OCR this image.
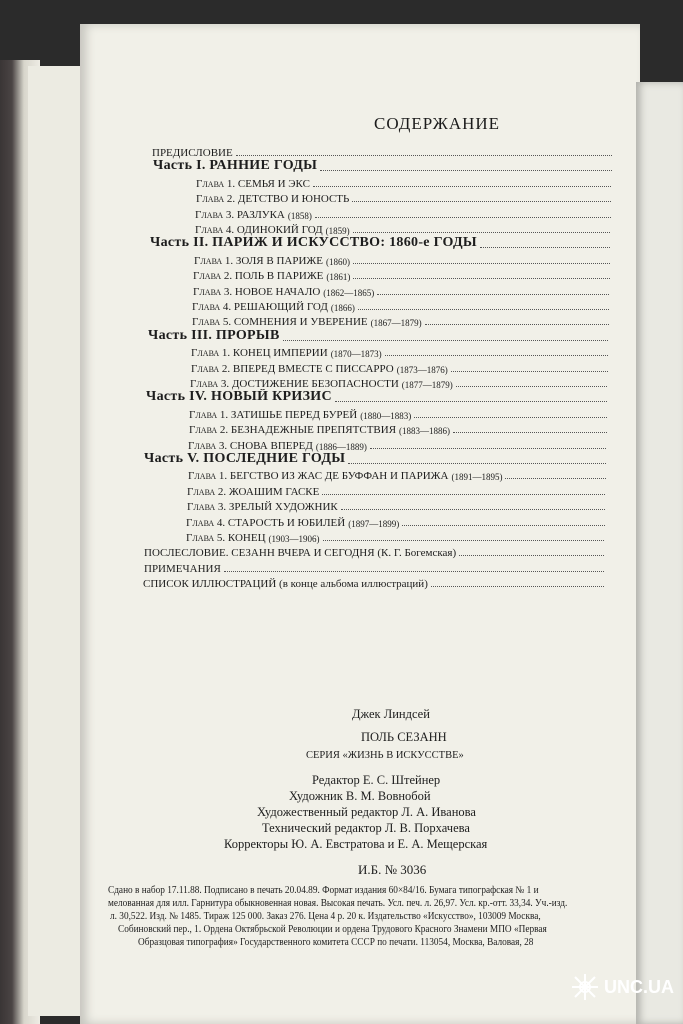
СОДЕРЖАНИЕ
ПРЕДИСЛОВИЕ
Часть I. РАННИЕ ГОДЫ
Глава 1. СЕМЬЯ И ЭКС
Глава 2. ДЕТСТВО И ЮНОСТЬ
Глава 3. РАЗЛУКА (1858)
Глава 4. ОДИНОКИЙ ГОД (1859)
Часть II. ПАРИЖ И ИСКУССТВО: 1860-е ГОДЫ
Глава 1. ЗОЛЯ В ПАРИЖЕ (1860)
Глава 2. ПОЛЬ В ПАРИЖЕ (1861)
Глава 3. НОВОЕ НАЧАЛО (1862—1865)
Глава 4. РЕШАЮЩИЙ ГОД (1866)
Глава 5. СОМНЕНИЯ И УВЕРЕНИЕ (1867—1879)
Часть III. ПРОРЫВ
Глава 1. КОНЕЦ ИМПЕРИИ (1870—1873)
Глава 2. ВПЕРЕД ВМЕСТЕ С ПИССАРРО (1873—1876)
Глава 3. ДОСТИЖЕНИЕ БЕЗОПАСНОСТИ (1877—1879)
Часть IV. НОВЫЙ КРИЗИС
Глава 1. ЗАТИШЬЕ ПЕРЕД БУРЕЙ (1880—1883)
Глава 2. БЕЗНАДЕЖНЫЕ ПРЕПЯТСТВИЯ (1883—1886)
Глава 3. СНОВА ВПЕРЕД (1886—1889)
Часть V. ПОСЛЕДНИЕ ГОДЫ
Глава 1. БЕГСТВО ИЗ ЖАС ДЕ БУФФАН И ПАРИЖА (1891—1895)
Глава 2. ЖОАШИМ ГАСКЕ
Глава 3. ЗРЕЛЫЙ ХУДОЖНИК
Глава 4. СТАРОСТЬ И ЮБИЛЕЙ (1897—1899)
Глава 5. КОНЕЦ (1903—1906)
ПОСЛЕСЛОВИЕ. СЕЗАНН ВЧЕРА И СЕГОДНЯ (К. Г. Богемская)
ПРИМЕЧАНИЯ
СПИСОК ИЛЛЮСТРАЦИЙ (в конце альбома иллюстраций)
Джек Линдсей
ПОЛЬ СЕЗАНН
СЕРИЯ «ЖИЗНЬ В ИСКУССТВЕ»
Редактор Е. С. Штейнер
Художник В. М. Вовнобой
Художественный редактор Л. А. Иванова
Технический редактор Л. В. Порхачева
Корректоры Ю. А. Евстратова и Е. А. Мещерская
И.Б. № 3036
Сдано в набор 17.11.88. Подписано в печать 20.04.89. Формат издания 60×84/16. Бумага типографская № 1 и
мелованная для илл. Гарнитура обыкновенная новая. Высокая печать. Усл. печ. л. 26,97. Усл. кр.-отт. 33,34. Уч.-изд.
л. 30,522. Изд. № 1485. Тираж 125 000. Заказ 276. Цена 4 р. 20 к. Издательство «Искусство», 103009 Москва,
Собиновский пер., 1. Ордена Октябрьской Революции и ордена Трудового Красного Знамени МПО «Первая
Образцовая типография» Государственного комитета СССР по печати. 113054, Москва, Валовая, 28
UNC.UA
